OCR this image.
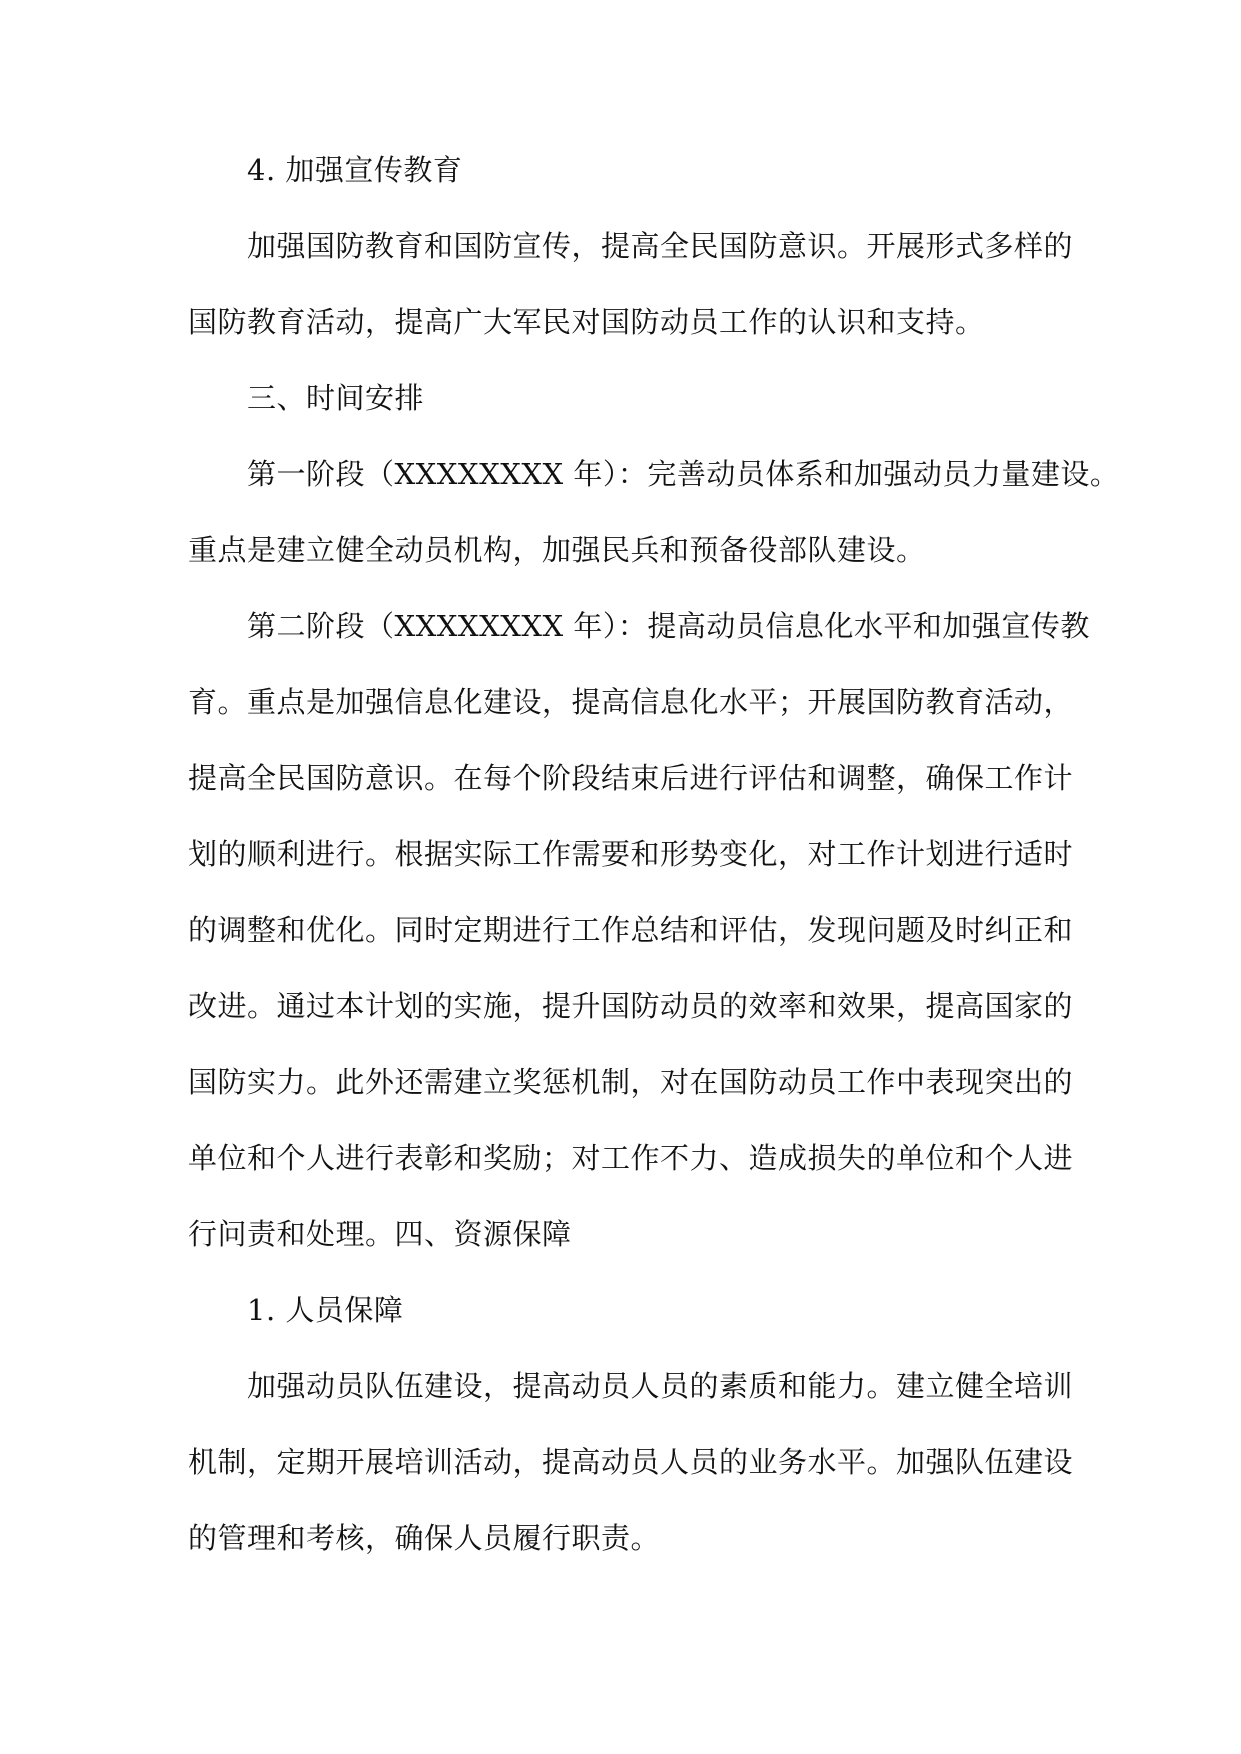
4. 加强宣传教育
加强国防教育和国防宣传，提高全民国防意识。开展形式多样的
国防教育活动，提高广大军民对国防动员工作的认识和支持。
三、时间安排
第一阶段（XXXXXXXX 年）：完善动员体系和加强动员力量建设。
重点是建立健全动员机构，加强民兵和预备役部队建设。
第二阶段（XXXXXXXX 年）：提高动员信息化水平和加强宣传教
育。重点是加强信息化建设，提高信息化水平；开展国防教育活动，
提高全民国防意识。在每个阶段结束后进行评估和调整，确保工作计
划的顺利进行。根据实际工作需要和形势变化，对工作计划进行适时
的调整和优化。同时定期进行工作总结和评估，发现问题及时纠正和
改进。通过本计划的实施，提升国防动员的效率和效果，提高国家的
国防实力。此外还需建立奖惩机制，对在国防动员工作中表现突出的
单位和个人进行表彰和奖励；对工作不力、造成损失的单位和个人进
行问责和处理。四、资源保障
1. 人员保障
加强动员队伍建设，提高动员人员的素质和能力。建立健全培训
机制，定期开展培训活动，提高动员人员的业务水平。加强队伍建设
的管理和考核，确保人员履行职责。
